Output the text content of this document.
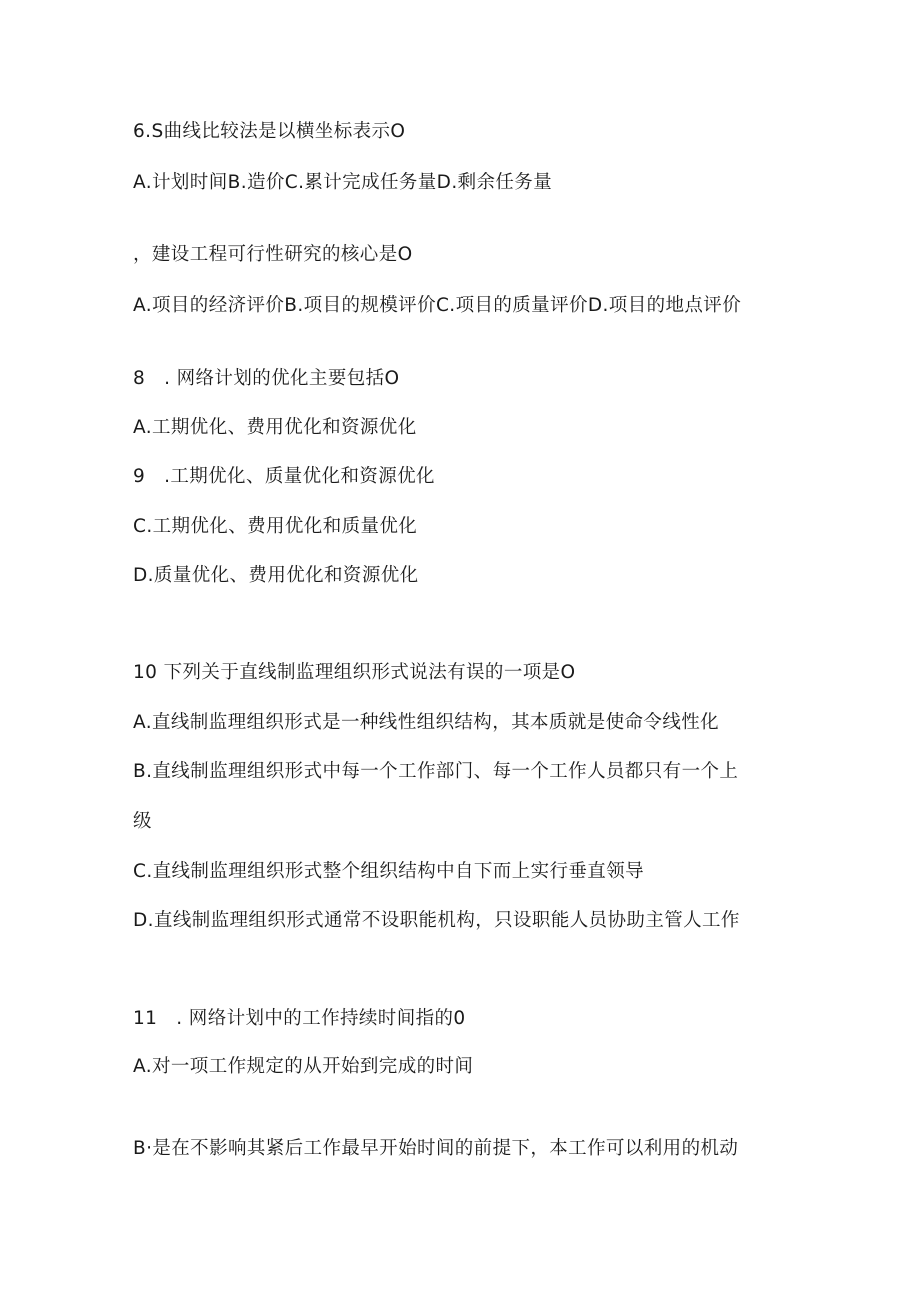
6.S曲线比较法是以横坐标表示O
A.计划时间B.造价C.累计完成任务量D.剩余任务量
，建设工程可行性研究的核心是O
A.项目的经济评价B.项目的规模评价C.项目的质量评价D.项目的地点评价
8　. 网络计划的优化主要包括O
A.工期优化、费用优化和资源优化
9　.工期优化、质量优化和资源优化
C.工期优化、费用优化和质量优化
D.质量优化、费用优化和资源优化
10 下列关于直线制监理组织形式说法有误的一项是O
A.直线制监理组织形式是一种线性组织结构，其本质就是使命令线性化
B.直线制监理组织形式中每一个工作部门、每一个工作人员都只有一个上
级
C.直线制监理组织形式整个组织结构中自下而上实行垂直领导
D.直线制监理组织形式通常不设职能机构，只设职能人员协助主管人工作
11　. 网络计划中的工作持续时间指的0
A.对一项工作规定的从开始到完成的时间
B·是在不影响其紧后工作最早开始时间的前提下，本工作可以利用的机动
